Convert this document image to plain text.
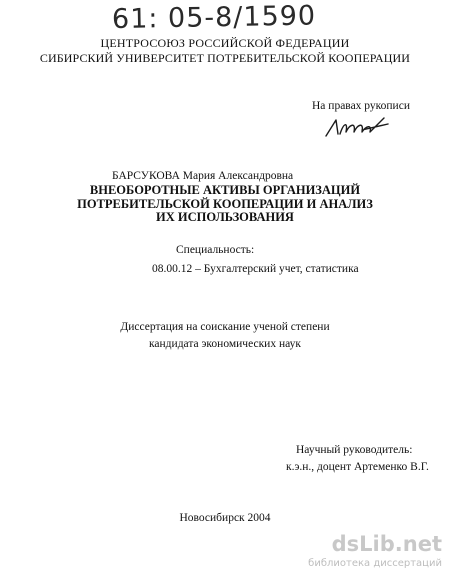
61: 05-8/1590
ЦЕНТРОСОЮЗ РОССИЙСКОЙ ФЕДЕРАЦИИ
СИБИРСКИЙ УНИВЕРСИТЕТ ПОТРЕБИТЕЛЬСКОЙ КООПЕРАЦИИ
На правах рукописи
БАРСУКОВА Мария Александровна
ВНЕОБОРОТНЫЕ АКТИВЫ ОРГАНИЗАЦИЙ
ПОТРЕБИТЕЛЬСКОЙ КООПЕРАЦИИ И АНАЛИЗ
ИХ ИСПОЛЬЗОВАНИЯ
Специальность:
08.00.12 – Бухгалтерский учет, статистика
Диссертация на соискание ученой степени
кандидата экономических наук
Научный руководитель:
к.э.н., доцент Артеменко В.Г.
Новосибирск 2004
dsLib.net
библиотека диссертаций
